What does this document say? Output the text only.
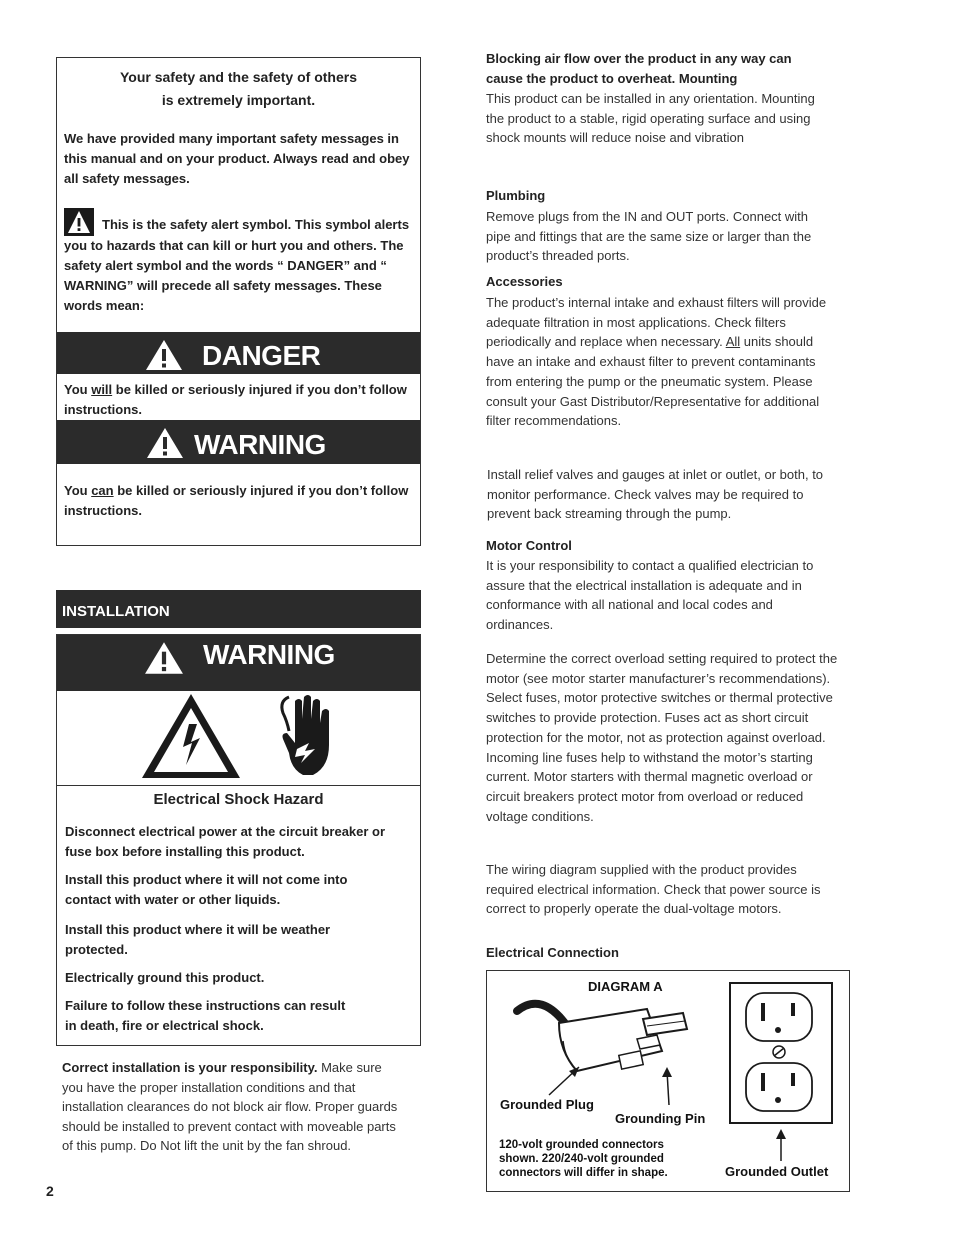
Your safety and the safety of others
is extremely important.
We have provided many important safety messages in this manual and on your product. Always read and obey all safety messages.
This is the safety alert symbol. This symbol alerts you to hazards that can kill or hurt you and others. The safety alert symbol and the words “ DANGER” and “ WARNING” will precede all safety messages. These words mean:
DANGER
You will be killed or seriously injured if you don’t follow instructions.
WARNING
You can be killed or seriously injured if you don’t follow instructions.
INSTALLATION
WARNING
Electrical Shock Hazard
Disconnect electrical power at the circuit breaker or fuse box before installing this product.
Install this product where it will not come into contact with water or other liquids.
Install this product where it will be weather protected.
Electrically ground this product.
Failure to follow these instructions can result in death, fire or electrical shock.
Correct installation is your responsibility. Make sure you have the proper installation conditions and that installation clearances do not block air flow. Proper guards should be installed to prevent contact with moveable parts of this pump. Do Not lift the unit by the fan shroud.
2
Blocking air flow over the product in any way can cause the product to overheat. Mounting
This product can be installed in any orientation. Mounting the product to a stable, rigid operating surface and using shock mounts will reduce noise and vibration
Plumbing
Remove plugs from the IN and OUT ports. Connect with pipe and fittings that are the same size or larger than the product’s threaded ports.
Accessories
The product’s internal intake and exhaust filters will provide adequate filtration in most applications. Check filters periodically and replace when necessary. All units should have an intake and exhaust filter to prevent contaminants from entering the pump or the pneumatic system. Please consult your Gast Distributor/Representative for additional filter recommendations.
Install relief valves and gauges at inlet or outlet, or both, to monitor performance. Check valves may be required to prevent back streaming through the pump.
Motor Control
It is your responsibility to contact a qualified electrician to assure that the electrical installation is adequate and in conformance with all national and local codes and ordinances.
Determine the correct overload setting required to protect the motor (see motor starter manufacturer’s recommendations). Select fuses, motor protective switches or thermal protective switches to provide protection. Fuses act as short circuit protection for the motor, not as protection against overload. Incoming line fuses help to withstand the motor’s starting current. Motor starters with thermal magnetic overload or circuit breakers protect motor from overload or reduced voltage conditions.
The wiring diagram supplied with the product provides required electrical information. Check that power source is correct to properly operate the dual-voltage motors.
Electrical Connection
DIAGRAM A
Grounded Plug
Grounding Pin
120-volt grounded connectors shown. 220/240-volt grounded connectors will differ in shape.	Grounded Outlet
